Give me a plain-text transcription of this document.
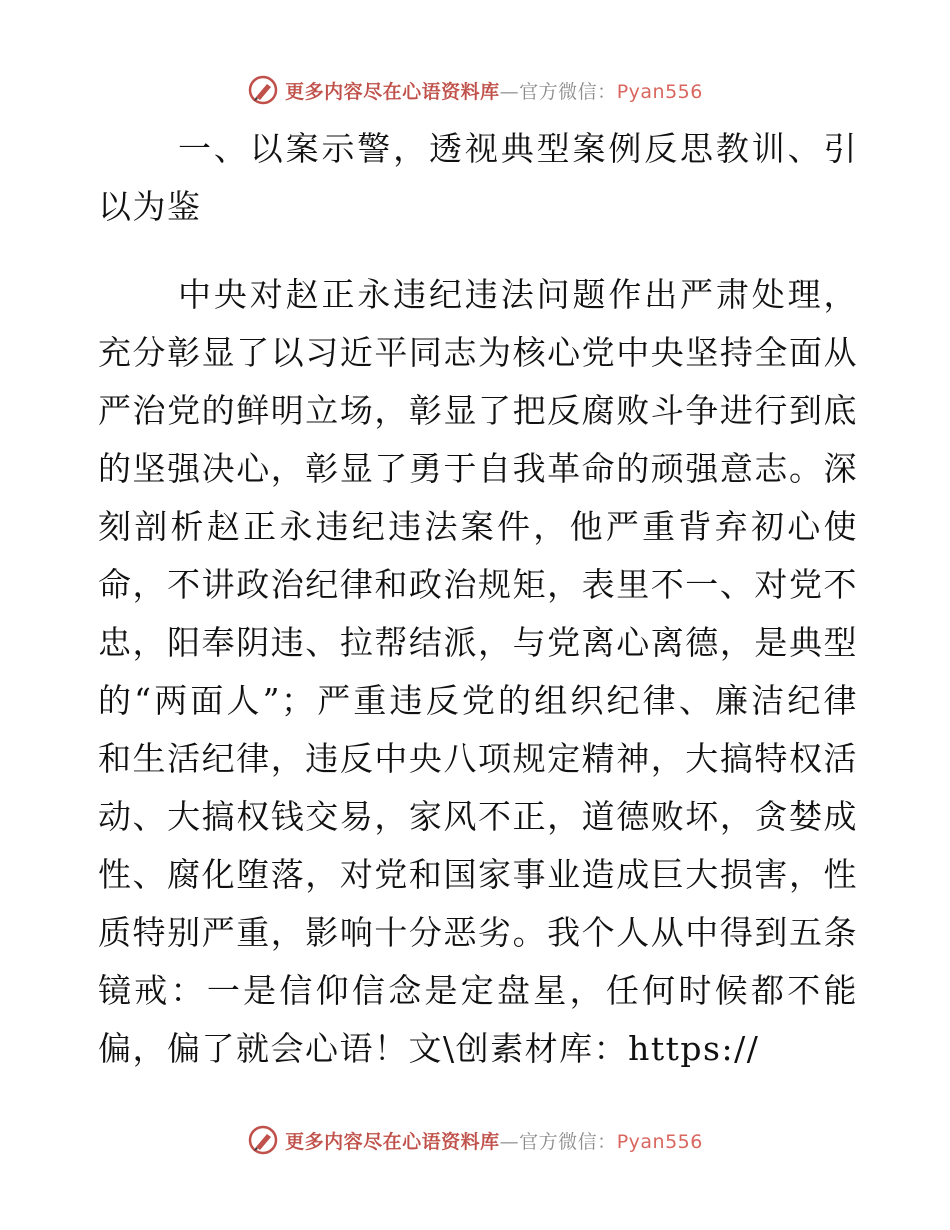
更多内容尽在心语资料库—官方微信：Pyan556

一、以案示警，透视典型案例反思教训、引以为鉴

中央对赵正永违纪违法问题作出严肃处理，充分彰显了以习近平同志为核心党中央坚持全面从严治党的鲜明立场，彰显了把反腐败斗争进行到底的坚强决心，彰显了勇于自我革命的顽强意志。深刻剖析赵正永违纪违法案件，他严重背弃初心使命，不讲政治纪律和政治规矩，表里不一、对党不忠，阳奉阴违、拉帮结派，与党离心离德，是典型的“两面人”；严重违反党的组织纪律、廉洁纪律和生活纪律，违反中央八项规定精神，大搞特权活动、大搞权钱交易，家风不正，道德败坏，贪婪成性、腐化堕落，对党和国家事业造成巨大损害，性质特别严重，影响十分恶劣。我个人从中得到五条镜戒：一是信仰信念是定盘星，任何时候都不能偏，偏了就会心语！文\创素材库：https://

更多内容尽在心语资料库—官方微信：Pyan556
